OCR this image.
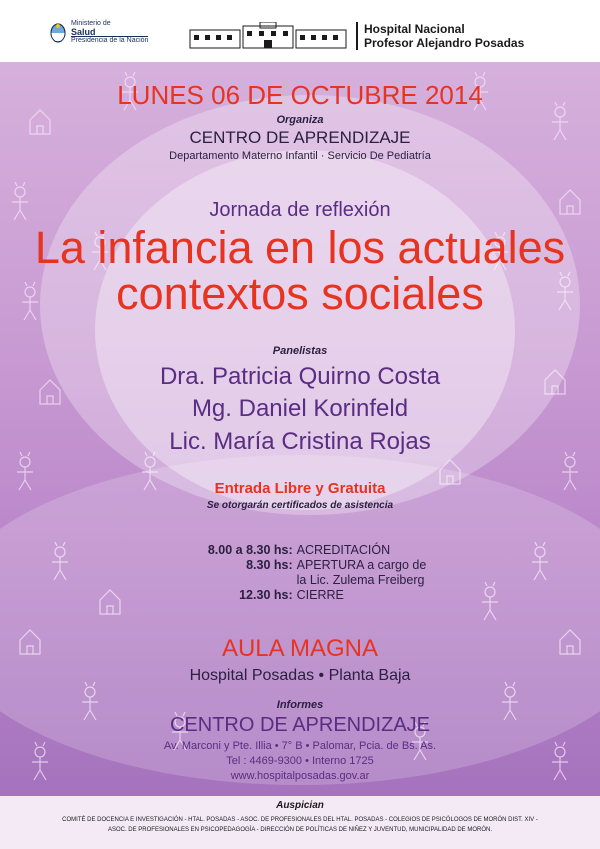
Ministerio de
Salud
Presidencia de la Nación
Hospital Nacional
Profesor Alejandro Posadas
LUNES 06 DE OCTUBRE 2014
Organiza
CENTRO DE APRENDIZAJE
Departamento Materno Infantil · Servicio De Pediatría
Jornada de reflexión
La infancia en los actuales
contextos sociales
Panelistas
Dra. Patricia Quirno Costa
Mg. Daniel Korinfeld
Lic. María Cristina Rojas
Entrada Libre y Gratuita
Se otorgarán certificados de asistencia
8.00 a 8.30 hs: ACREDITACIÓN
8.30 hs: APERTURA a cargo de
la Lic. Zulema Freiberg
12.30 hs: CIERRE
AULA MAGNA
Hospital Posadas • Planta Baja
Informes
CENTRO DE APRENDIZAJE
Av. Marconi y Pte. Illia • 7° B • Palomar, Pcia. de Bs. As.
Tel : 4469-9300 • Interno 1725
www.hospitalposadas.gov.ar
Auspician
COMITÉ DE DOCENCIA E INVESTIGACIÓN - HTAL. POSADAS - ASOC. DE PROFESIONALES DEL HTAL. POSADAS - COLEGIOS DE PSICÓLOGOS DE MORÓN DIST. XIV -
ASOC. DE PROFESIONALES EN PSICOPEDAGOGÍA - DIRECCIÓN DE POLÍTICAS DE NIÑEZ Y JUVENTUD, MUNICIPALIDAD DE MORÓN.
